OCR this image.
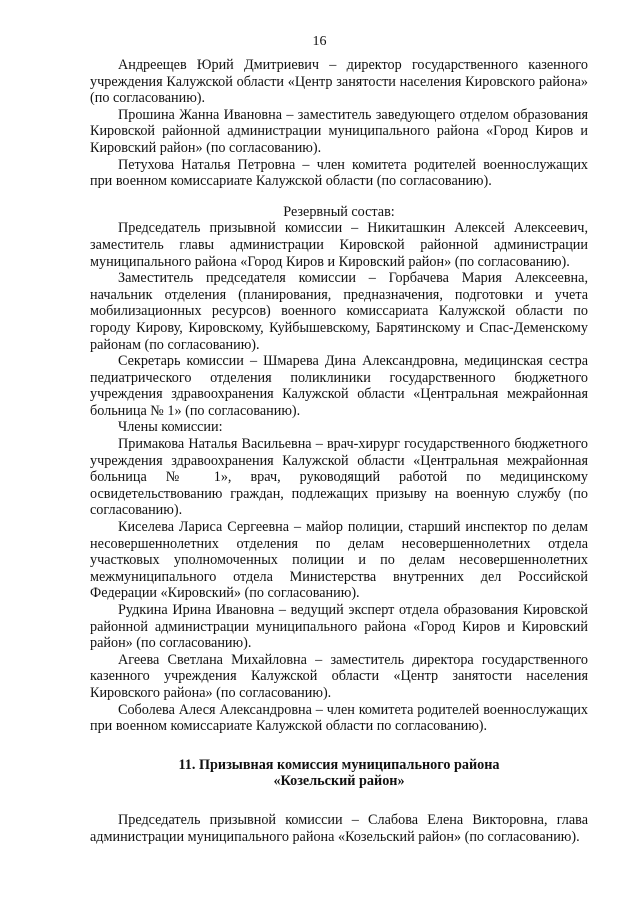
16

Андреещев Юрий Дмитриевич – директор государственного казенного учреждения Калужской области «Центр занятости населения Кировского района» (по согласованию).

Прошина Жанна Ивановна – заместитель заведующего отделом образования Кировской районной администрации муниципального района «Город Киров и Кировский район» (по согласованию).

Петухова Наталья Петровна – член комитета родителей военнослужащих при военном комиссариате Калужской области (по согласованию).

Резервный состав:

Председатель призывной комиссии – Никиташкин Алексей Алексеевич, заместитель главы администрации Кировской районной администрации муниципального района «Город Киров и Кировский район» (по согласованию).

Заместитель председателя комиссии – Горбачева Мария Алексеевна, начальник отделения (планирования, предназначения, подготовки и учета мобилизационных ресурсов) военного комиссариата Калужской области по городу Кирову, Кировскому, Куйбышевскому, Барятинскому и Спас-Деменскому районам (по согласованию).

Секретарь комиссии – Шмарева Дина Александровна, медицинская сестра педиатрического отделения поликлиники государственного бюджетного учреждения здравоохранения Калужской области «Центральная межрайонная больница № 1» (по согласованию).

Члены комиссии:

Примакова Наталья Васильевна – врач-хирург государственного бюджетного учреждения здравоохранения Калужской области «Центральная межрайонная больница № 1», врач, руководящий работой по медицинскому освидетельствованию граждан, подлежащих призыву на военную службу (по согласованию).

Киселева Лариса Сергеевна – майор полиции, старший инспектор по делам несовершеннолетних отделения по делам несовершеннолетних отдела участковых уполномоченных полиции и по делам несовершеннолетних межмуниципального отдела Министерства внутренних дел Российской Федерации «Кировский» (по согласованию).

Рудкина Ирина Ивановна – ведущий эксперт отдела образования Кировской районной администрации муниципального района «Город Киров и Кировский район» (по согласованию).

Агеева Светлана Михайловна – заместитель директора государственного казенного учреждения Калужской области «Центр занятости населения Кировского района» (по согласованию).

Соболева Алеся Александровна – член комитета родителей военнослужащих при военном комиссариате Калужской области по согласованию).

11. Призывная комиссия муниципального района

«Козельский район»

Председатель призывной комиссии – Слабова Елена Викторовна, глава администрации муниципального района «Козельский район» (по согласованию).
